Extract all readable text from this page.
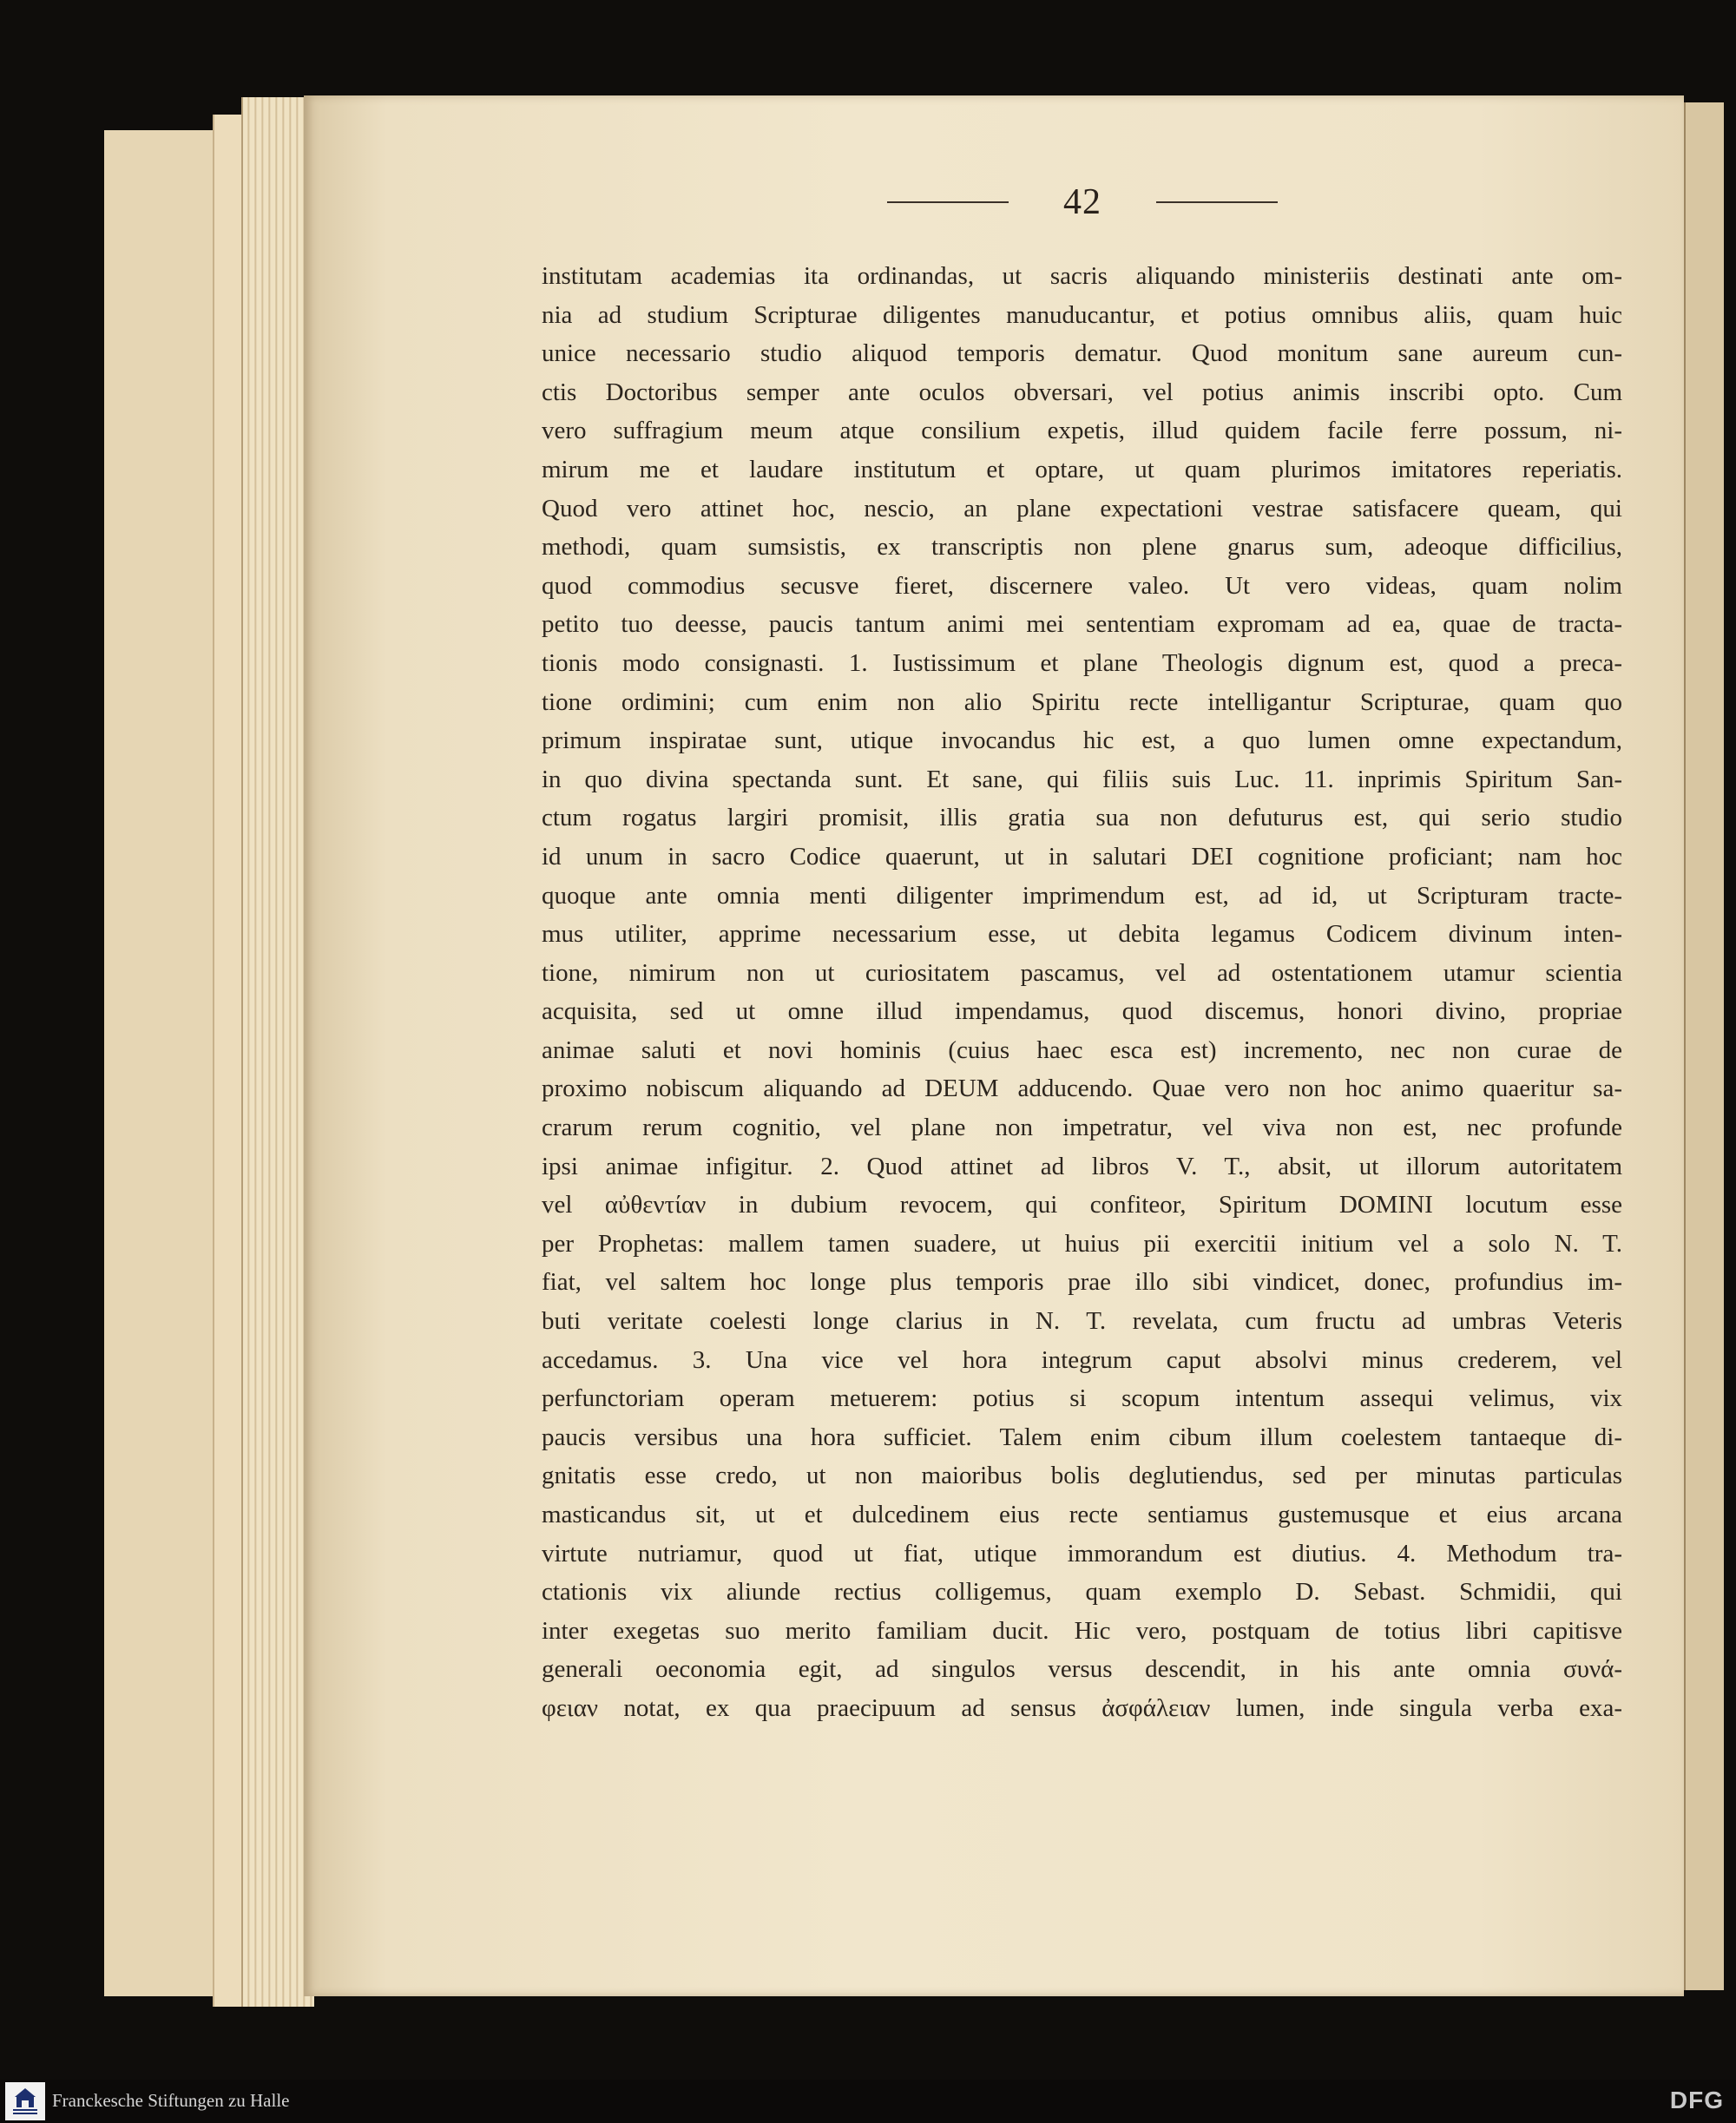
42
institutam academias ita ordinandas, ut sacris aliquando ministeriis destinati ante om-
nia ad studium Scripturae diligentes manuducantur, et potius omnibus aliis, quam huic
unice necessario studio aliquod temporis dematur. Quod monitum sane aureum cun-
ctis Doctoribus semper ante oculos obversari, vel potius animis inscribi opto. Cum
vero suffragium meum atque consilium expetis, illud quidem facile ferre possum, ni-
mirum me et laudare institutum et optare, ut quam plurimos imitatores reperiatis.
Quod vero attinet hoc, nescio, an plane expectationi vestrae satisfacere queam, qui
methodi, quam sumsistis, ex transcriptis non plene gnarus sum, adeoque difficilius,
quod commodius secusve fieret, discernere valeo. Ut vero videas, quam nolim
petito tuo deesse, paucis tantum animi mei sententiam expromam ad ea, quae de tracta-
tionis modo consignasti. 1. Iustissimum et plane Theologis dignum est, quod a preca-
tione ordimini; cum enim non alio Spiritu recte intelligantur Scripturae, quam quo
primum inspiratae sunt, utique invocandus hic est, a quo lumen omne expectandum,
in quo divina spectanda sunt. Et sane, qui filiis suis Luc. 11. inprimis Spiritum San-
ctum rogatus largiri promisit, illis gratia sua non defuturus est, qui serio studio
id unum in sacro Codice quaerunt, ut in salutari DEI cognitione proficiant; nam hoc
quoque ante omnia menti diligenter imprimendum est, ad id, ut Scripturam tracte-
mus utiliter, apprime necessarium esse, ut debita legamus Codicem divinum inten-
tione, nimirum non ut curiositatem pascamus, vel ad ostentationem utamur scientia
acquisita, sed ut omne illud impendamus, quod discemus, honori divino, propriae
animae saluti et novi hominis (cuius haec esca est) incremento, nec non curae de
proximo nobiscum aliquando ad DEUM adducendo. Quae vero non hoc animo quaeritur sa-
crarum rerum cognitio, vel plane non impetratur, vel viva non est, nec profunde
ipsi animae infigitur. 2. Quod attinet ad libros V. T., absit, ut illorum autoritatem
vel αὐθεντίαν in dubium revocem, qui confiteor, Spiritum DOMINI locutum esse
per Prophetas: mallem tamen suadere, ut huius pii exercitii initium vel a solo N. T.
fiat, vel saltem hoc longe plus temporis prae illo sibi vindicet, donec, profundius im-
buti veritate coelesti longe clarius in N. T. revelata, cum fructu ad umbras Veteris
accedamus. 3. Una vice vel hora integrum caput absolvi minus crederem, vel
perfunctoriam operam metuerem: potius si scopum intentum assequi velimus, vix
paucis versibus una hora sufficiet. Talem enim cibum illum coelestem tantaeque di-
gnitatis esse credo, ut non maioribus bolis deglutiendus, sed per minutas particulas
masticandus sit, ut et dulcedinem eius recte sentiamus gustemusque et eius arcana
virtute nutriamur, quod ut fiat, utique immorandum est diutius. 4. Methodum tra-
ctationis vix aliunde rectius colligemus, quam exemplo D. Sebast. Schmidii, qui
inter exegetas suo merito familiam ducit. Hic vero, postquam de totius libri capitisve
generali oeconomia egit, ad singulos versus descendit, in his ante omnia συνά-
φειαν notat, ex qua praecipuum ad sensus ἀσφάλειαν lumen, inde singula verba exa-
Franckesche Stiftungen zu Halle	DFG
